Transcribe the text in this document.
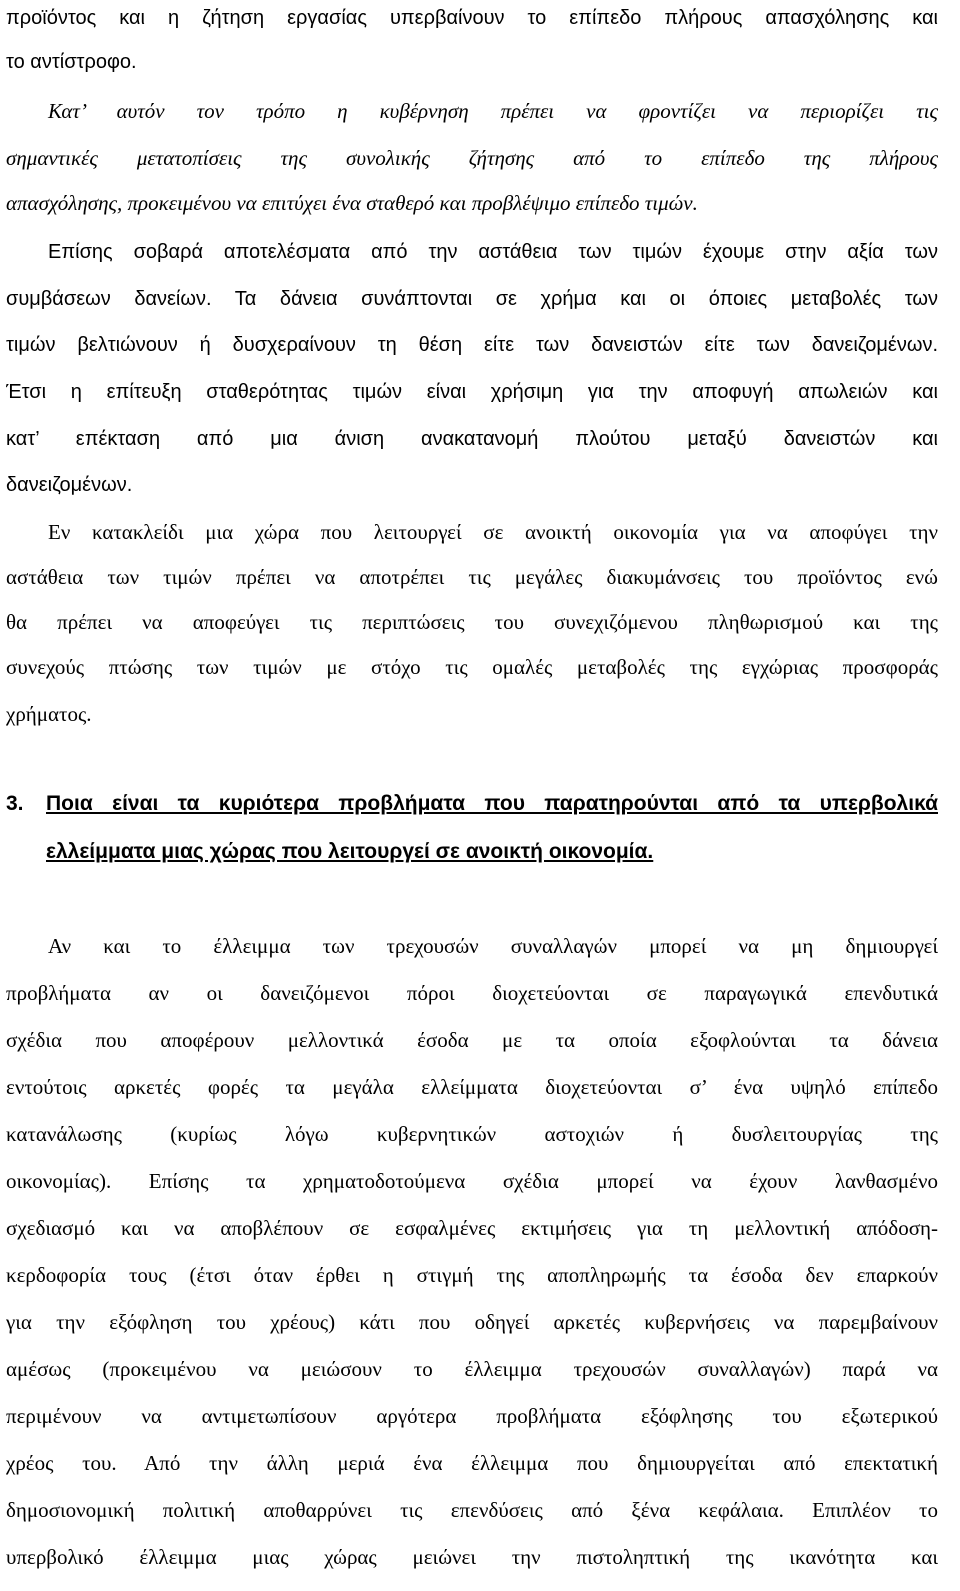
προϊόντος και η ζήτηση εργασίας υπερβαίνουν το επίπεδο πλήρους απασχόλησης και
το αντίστροφο.
Κατ’ αυτόν τον τρόπο η κυβέρνηση πρέπει να φροντίζει να περιορίζει τις
σημαντικές μετατοπίσεις της συνολικής ζήτησης από το επίπεδο της πλήρους
απασχόλησης, προκειμένου να επιτύχει ένα σταθερό και προβλέψιμο επίπεδο τιμών.
Επίσης σοβαρά αποτελέσματα από την αστάθεια των τιμών έχουμε στην αξία των
συμβάσεων δανείων. Τα δάνεια συνάπτονται σε χρήμα και οι όποιες μεταβολές των
τιμών βελτιώνουν ή δυσχεραίνουν τη θέση είτε των δανειστών είτε των δανειζομένων.
Έτσι η επίτευξη σταθερότητας τιμών είναι χρήσιμη για την αποφυγή απωλειών και
κατ’ επέκταση από μια άνιση ανακατανομή πλούτου μεταξύ δανειστών και
δανειζομένων.
Εν κατακλείδι μια χώρα που λειτουργεί σε ανοικτή οικονομία για να αποφύγει την
αστάθεια των τιμών πρέπει να αποτρέπει τις μεγάλες διακυμάνσεις του προϊόντος ενώ
θα πρέπει να αποφεύγει τις περιπτώσεις του συνεχιζόμενου πληθωρισμού και της
συνεχούς πτώσης των τιμών με στόχο τις ομαλές μεταβολές της εγχώριας προσφοράς
χρήματος.
3. Ποια είναι τα κυριότερα προβλήματα που παρατηρούνται από τα υπερβολικά
ελλείμματα μιας χώρας που λειτουργεί σε ανοικτή οικονομία.
Αν και το έλλειμμα των τρεχουσών συναλλαγών μπορεί να μη δημιουργεί
προβλήματα αν οι δανειζόμενοι πόροι διοχετεύονται σε παραγωγικά επενδυτικά
σχέδια που αποφέρουν μελλοντικά έσοδα με τα οποία εξοφλούνται τα δάνεια
εντούτοις αρκετές φορές τα μεγάλα ελλείμματα διοχετεύονται σ’ ένα υψηλό επίπεδο
κατανάλωσης (κυρίως λόγω κυβερνητικών αστοχιών ή δυσλειτουργίας της
οικονομίας). Επίσης τα χρηματοδοτούμενα σχέδια μπορεί να έχουν λανθασμένο
σχεδιασμό και να αποβλέπουν σε εσφαλμένες εκτιμήσεις για τη μελλοντική απόδοση-
κερδοφορία τους (έτσι όταν έρθει η στιγμή της αποπληρωμής τα έσοδα δεν επαρκούν
για την εξόφληση του χρέους) κάτι που οδηγεί αρκετές κυβερνήσεις να παρεμβαίνουν
αμέσως (προκειμένου να μειώσουν το έλλειμμα τρεχουσών συναλλαγών) παρά να
περιμένουν να αντιμετωπίσουν αργότερα προβλήματα εξόφλησης του εξωτερικού
χρέος του. Από την άλλη μεριά ένα έλλειμμα που δημιουργείται από επεκτατική
δημοσιονομική πολιτική αποθαρρύνει τις επενδύσεις από ξένα κεφάλαια. Επιπλέον το
υπερβολικό έλλειμμα μιας χώρας μειώνει την πιστοληπτική της ικανότητα και
